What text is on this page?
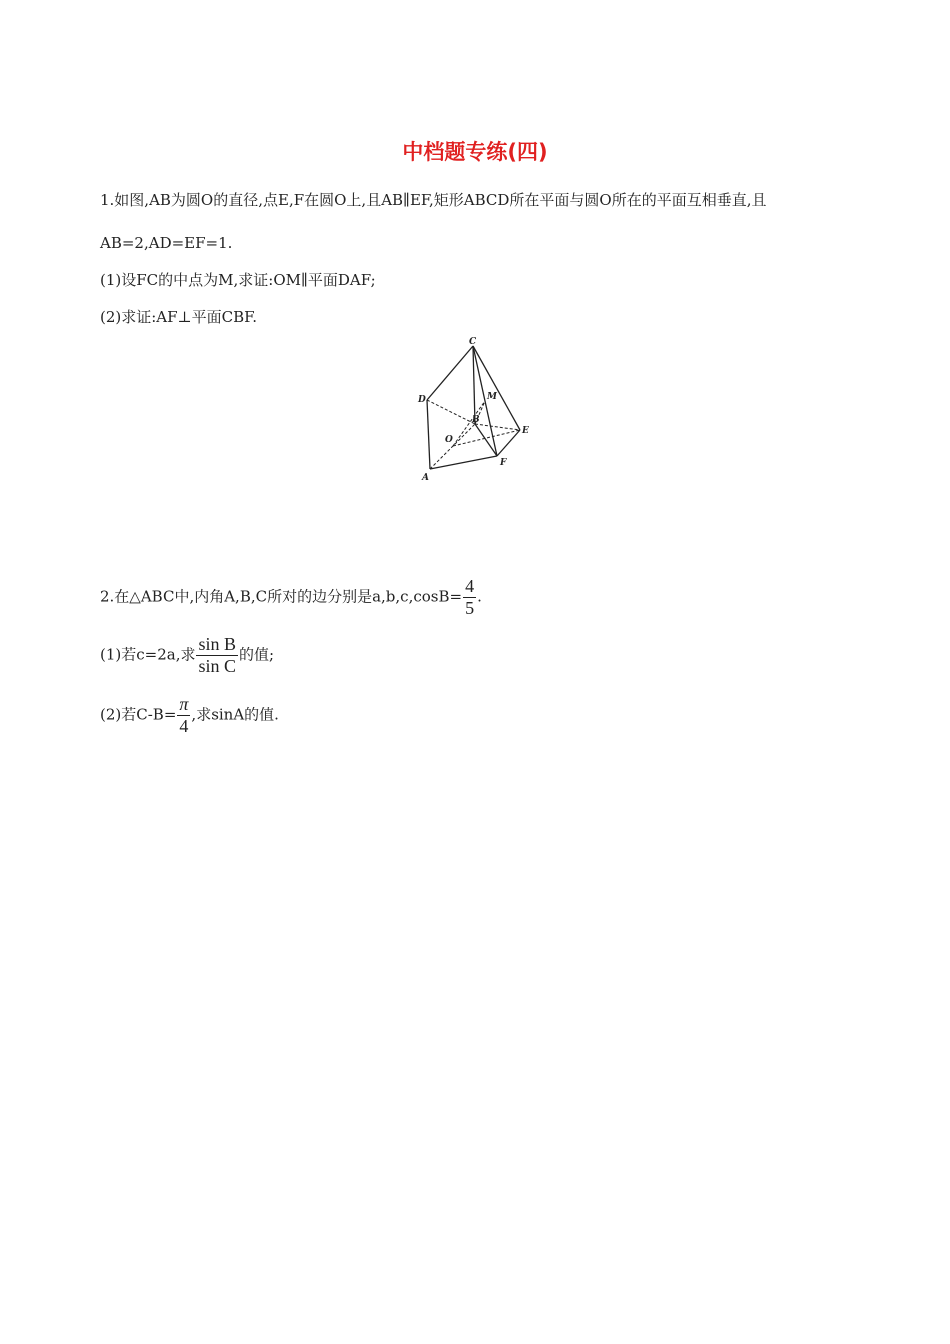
中档题专练(四)
1.如图,AB为圆O的直径,点E,F在圆O上,且AB∥EF,矩形ABCD所在平面与圆O所在的平面互相垂直,且
AB=2,AD=EF=1.
(1)设FC的中点为M,求证:OM∥平面DAF;
(2)求证:AF⊥平面CBF.
C
D	M
B
E
O
F
A
2.在△ABC中,内角A,B,C所对的边分别是$a,b,c,\cos B= \frac{4}{5}$ .
(1)若c=2a,求 $\frac{\text{sin B}}{\text{sin C}}$ 的值;
(2)若$C-B= \frac{\pi}{4}$ ,求sinA的值.
